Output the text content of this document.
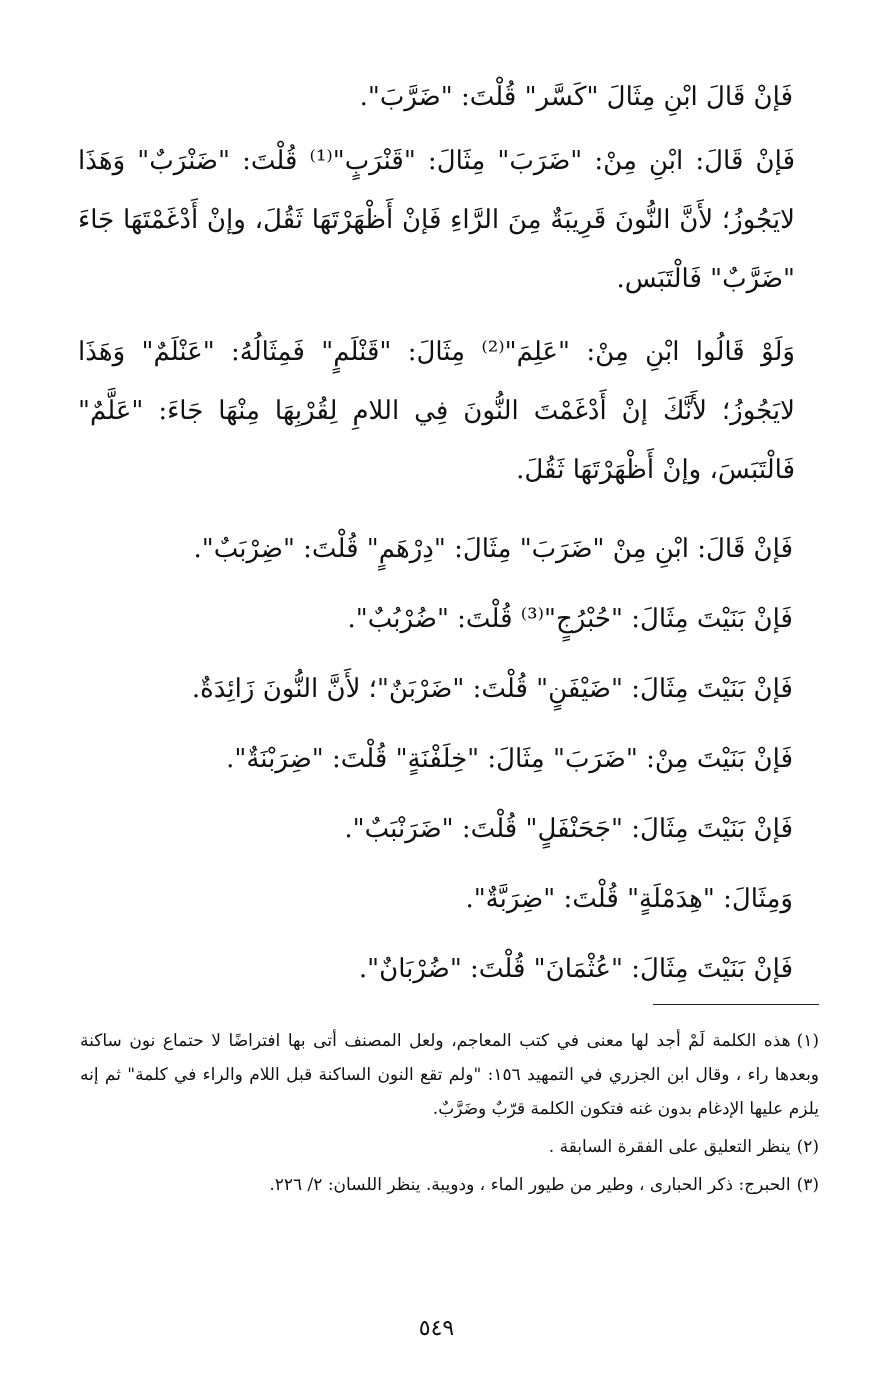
فَإنْ قَالَ ابْنِ مِثَالَ "كَسَّر" قُلْتَ: "ضَرَّبَ".

فَإنْ قَالَ: ابْنِ مِنْ: "ضَرَبَ" مِثَالَ: "قَنْرَبٍ"⁽¹⁾ قُلْتَ: "ضَنْرَبٌ" وَهَذَا لايَجُوزُ؛ لأَنَّ النُّونَ قَرِيبَةٌ مِنَ الرَّاءِ فَإنْ أَظْهَرْتَهَا ثَقُلَ، وإنْ أَدْغَمْتَهَا جَاءَ "ضَرَّبٌ" فَالْتَبَس.

وَلَوْ قَالُوا ابْنِ مِنْ: "عَلِمَ"⁽²⁾ مِثَالَ: "قَنْلَمٍ" فَمِثَالُهُ: "عَنْلَمٌ" وَهَذَا لايَجُوزُ؛ لأَنَّكَ إنْ أَدْغَمْتَ النُّونَ فِي اللامِ لِقُرْبِهَا مِنْهَا جَاءَ: "عَلَّمٌ" فَالْتَبَسَ، وإنْ أَظْهَرْتَهَا ثَقُلَ.

فَإنْ قَالَ: ابْنِ مِنْ "ضَرَبَ" مِثَالَ: "دِرْهَمٍ" قُلْتَ: "ضِرْبَبٌ".

فَإنْ بَنَيْتَ مِثَالَ: "حُبْرُجٍ"⁽³⁾ قُلْتَ: "ضُرْبُبٌ".

فَإنْ بَنَيْتَ مِثَالَ: "ضَيْفَنٍ" قُلْتَ: "ضَرْبَنٌ"؛ لأَنَّ النُّونَ زَائِدَةٌ.

فَإنْ بَنَيْتَ مِنْ: "ضَرَبَ" مِثَالَ: "خِلَفْنَةٍ" قُلْتَ: "ضِرَبْنَةٌ".

فَإنْ بَنَيْتَ مِثَالَ: "جَحَنْفَلٍ" قُلْتَ: "ضَرَنْبَبٌ".

وَمِثَالَ: "هِدَمْلَةٍ" قُلْتَ: "ضِرَبَّةٌ".

فَإنْ بَنَيْتَ مِثَالَ: "عُثْمَانَ" قُلْتَ: "ضُرْبَانٌ".

(١)هذه الكلمة لَمْ أجد لها معنى في كتب المعاجم، ولعل المصنف أتى بها افتراضًا لا حتماع نون ساكنة وبعدها راء ، وقال ابن الجزري في التمهيد ١٥٦: "ولم تقع النون الساكنة قبل اللام والراء في كلمة" ثم إنه يلزم عليها الإدغام بدون غنه فتكون الكلمة قرّبٌ وضَرَّبٌ.

(٢)ينظر التعليق على الفقرة السابقة .

(٣)الحبرج: ذكر الحبارى ، وطير من طيور الماء ، ودويبة. ينظر اللسان: ٢/ ٢٢٦.

٥٤٩
